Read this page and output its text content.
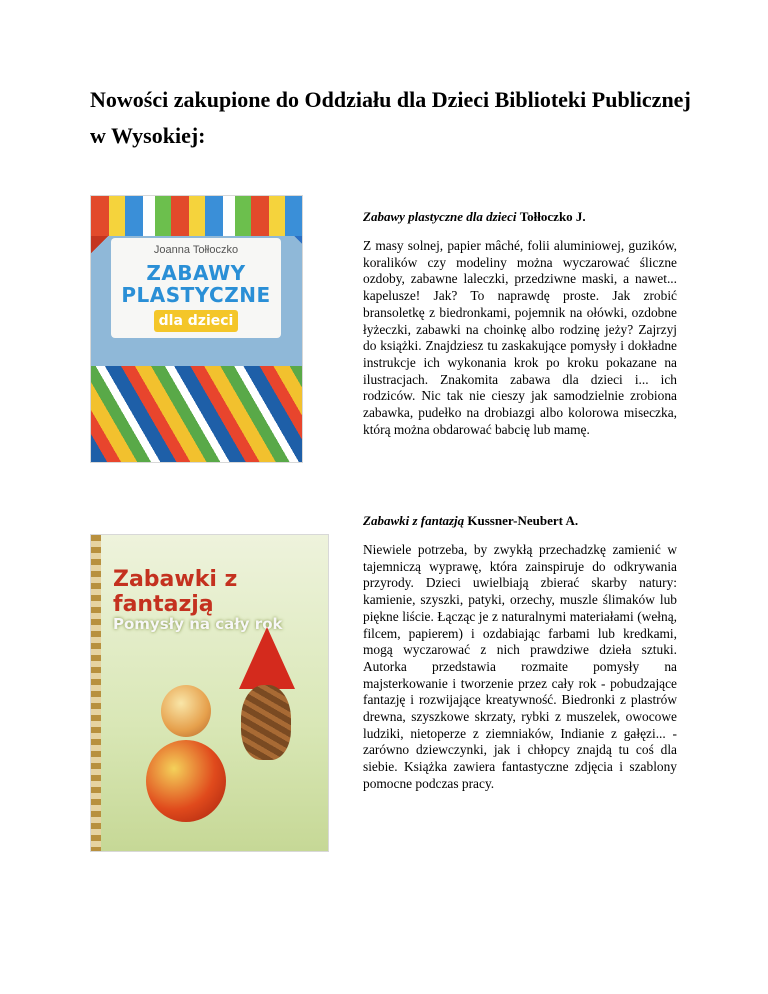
Nowości zakupione do Oddziału dla Dzieci Biblioteki Publicznej w Wysokiej:
Joanna Tołłoczko
ZABAWY
PLASTYCZNE
dla dzieci

Zabawy plastyczne dla dzieci Tołłoczko J.

Z masy solnej, papier mâché, folii aluminiowej, guzików, koralików czy modeliny można wyczarować śliczne ozdoby, zabawne laleczki, przedziwne maski, a nawet... kapelusze! Jak? To naprawdę proste. Jak zrobić bransoletkę z biedronkami, pojemnik na ołówki, ozdobne łyżeczki, zabawki na choinkę albo rodzinę jeży? Zajrzyj do książki. Znajdziesz tu zaskakujące pomysły i dokładne instrukcje ich wykonania krok po kroku pokazane na ilustracjach. Znakomita zabawa dla dzieci i... ich rodziców. Nic tak nie cieszy jak samodzielnie zrobiona zabawka, pudełko na drobiazgi albo kolorowa miseczka, którą można obdarować babcię lub mamę.

Zabawki z fantazją
Pomysły na cały rok

Zabawki z fantazją Kussner-Neubert A.

Niewiele potrzeba, by zwykłą przechadzkę zamienić w tajemniczą wyprawę, która zainspiruje do odkrywania przyrody. Dzieci uwielbiają zbierać skarby natury: kamienie, szyszki, patyki, orzechy, muszle ślimaków lub piękne liście. Łącząc je z naturalnymi materiałami (wełną, filcem, papierem) i ozdabiając farbami lub kredkami, mogą wyczarować z nich prawdziwe dzieła sztuki. Autorka przedstawia rozmaite pomysły na majsterkowanie i tworzenie przez cały rok - pobudzające fantazję i rozwijające kreatywność. Biedronki z plastrów drewna, szyszkowe skrzaty, rybki z muszelek, owocowe ludziki, nietoperze z ziemniaków, Indianie z gałęzi... - zarówno dziewczynki, jak i chłopcy znajdą tu coś dla siebie. Książka zawiera fantastyczne zdjęcia i szablony pomocne podczas pracy.
